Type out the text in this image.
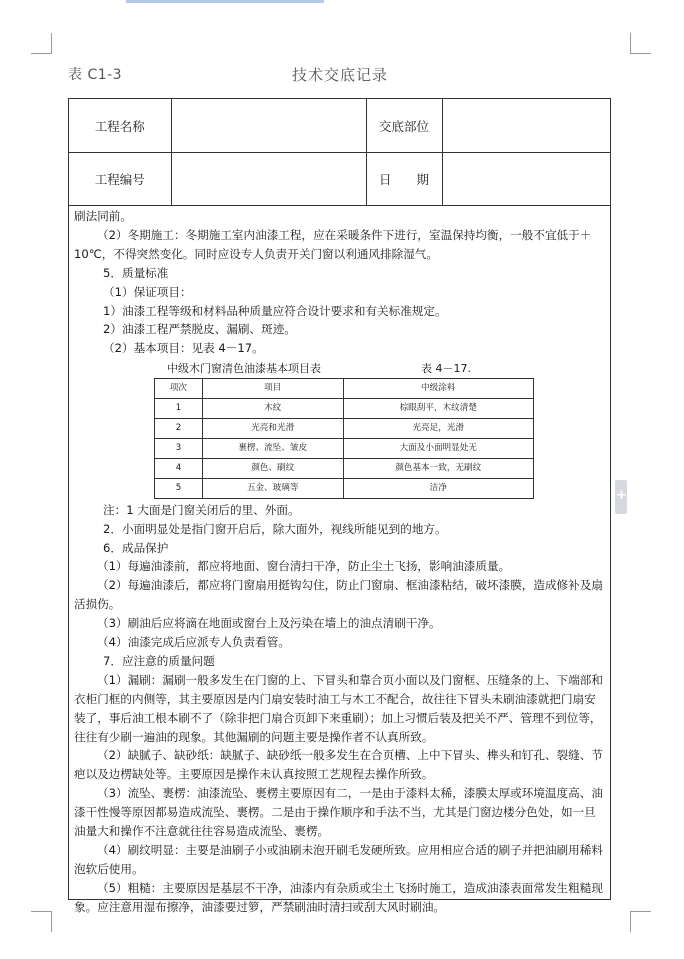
表 C1-3	技术交底记录
工程名称		交底部位	
工程编号		日　　期	

刷法同前。

（2）冬期施工：冬期施工室内油漆工程，应在采暖条件下进行，室温保持均衡，一般不宜低于＋10℃，不得突然变化。同时应设专人负责开关门窗以利通风排除湿气。

5．质量标准

（1）保证项目：

1）油漆工程等级和材料品种质量应符合设计要求和有关标准规定。

2）油漆工程严禁脱皮、漏刷、斑迹。

（2）基本项目：见表 4－17。

中级木门窗清色油漆基本项目表	表 4－17.
项次	项目	中级涂料
1	木纹	棕眼刮平，木纹清楚
2	光亮和光滑	光亮足，光滑
3	裹楞、流坠、皱皮	大面及小面明显处无
4	颜色、刷纹	颜色基本一致，无刷纹
5	五金、玻璃等	洁净

注：1 大面是门窗关闭后的里、外面。

2．小面明显处是指门窗开启后，除大面外，视线所能见到的地方。

6．成品保护

（1）每遍油漆前，都应将地面、窗台清扫干净，防止尘土飞扬，影响油漆质量。

（2）每遍油漆后，都应将门窗扇用挺钩勾住，防止门窗扇、框油漆粘结，破坏漆膜，造成修补及扇活损伤。

（3）刷油后应将滴在地面或窗台上及污染在墙上的油点清刷干净。

（4）油漆完成后应派专人负责看管。

7．应注意的质量问题

（1）漏刷：漏刷一般多发生在门窗的上、下冒头和靠合页小面以及门窗框、压缝条的上、下端部和衣柜门框的内侧等，其主要原因是内门扇安装时油工与木工不配合，故往往下冒头未刷油漆就把门扇安装了，事后油工根本刷不了（除非把门扇合页卸下来重刷）；加上习惯后装及把关不严、管理不到位等，往往有少刷一遍油的现象。其他漏刷的问题主要是操作者不认真所致。

（2）缺腻子、缺砂纸：缺腻子、缺砂纸一般多发生在合页槽、上中下冒头、榫头和钉孔、裂缝、节疤以及边楞缺处等。主要原因是操作未认真按照工艺规程去操作所致。

（3）流坠、裹楞：油漆流坠、裹楞主要原因有二，一是由于漆料太稀，漆膜太厚或环境温度高、油漆干性慢等原因都易造成流坠、裹楞。二是由于操作顺序和手法不当，尤其是门窗边楼分色处，如一旦油量大和操作不注意就往往容易造成流坠、裹楞。

（4）刷纹明显：主要是油刷子小或油刷未泡开刷毛发硬所致。应用相应合适的刷子并把油刷用稀料泡软后使用。

（5）粗糙：主要原因是基层不干净，油漆内有杂质或尘土飞扬时施工，造成油漆表面常发生粗糙现象。应注意用湿布擦净，油漆要过箩，严禁刷油时清扫或刮大风时刷油。

+
